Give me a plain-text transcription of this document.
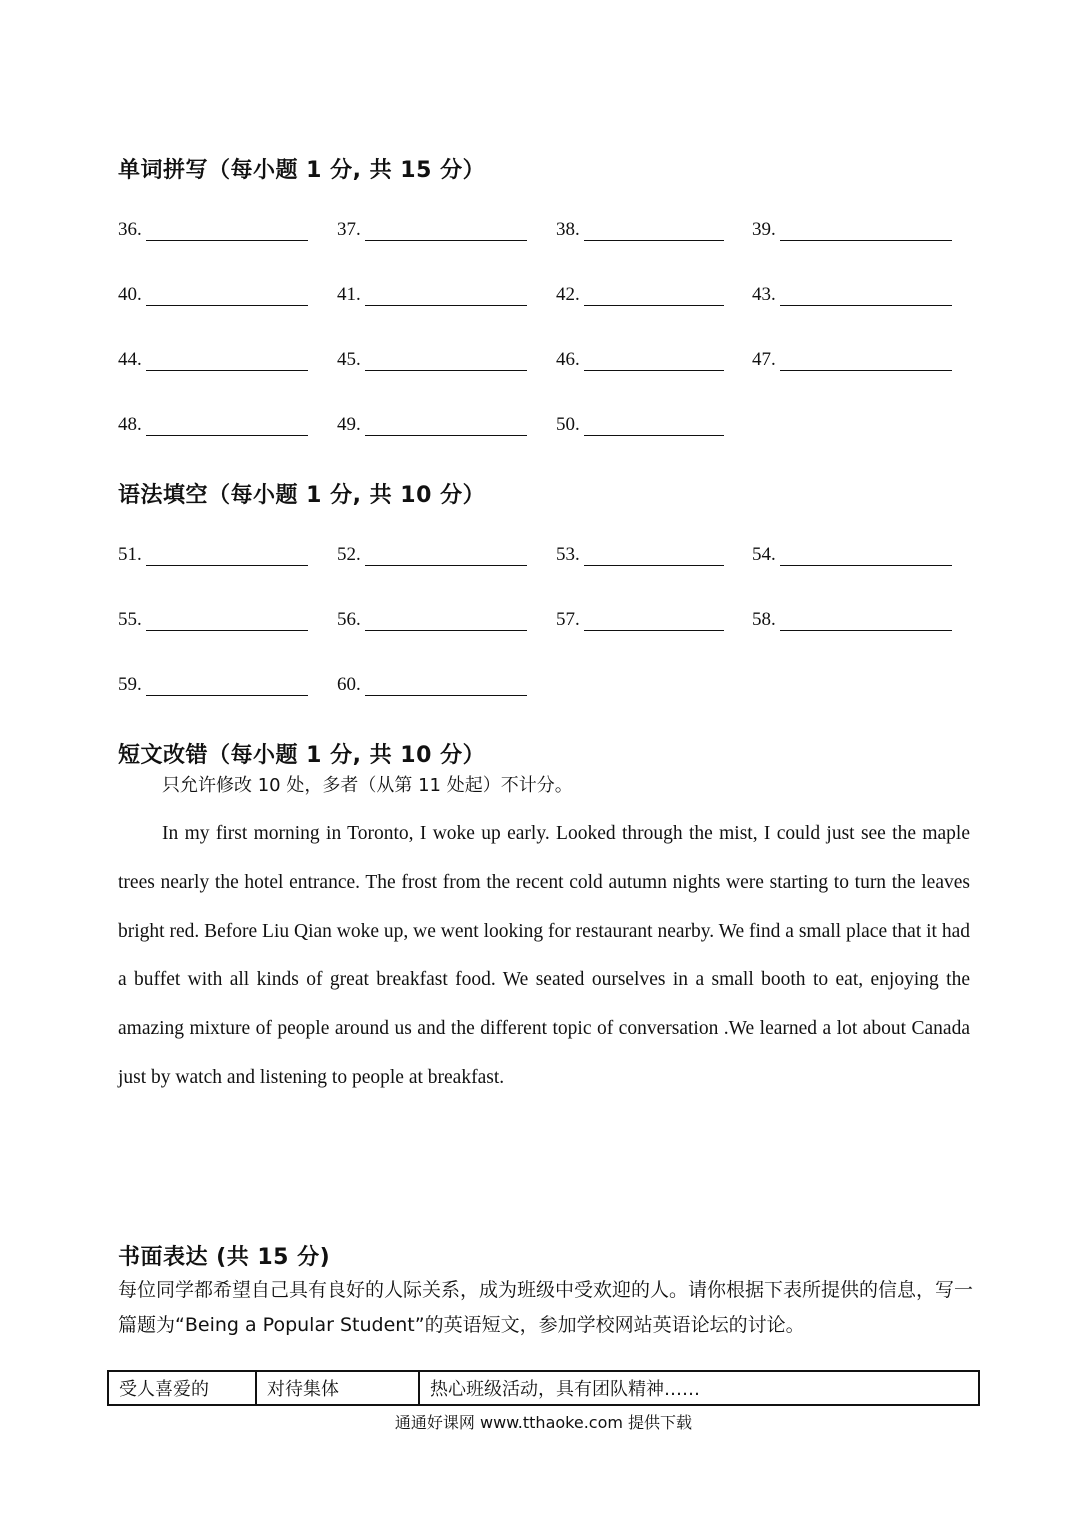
单词拼写（每小题 1 分, 共 15 分）
36.	37.	38.	39.
40.	41.	42.	43.
44.	45.	46.	47.
48.	49.	50.
语法填空（每小题 1 分, 共 10 分）
51.	52.	53.	54.
55.	56.	57.	58.
59.	60.
短文改错（每小题 1 分, 共 10 分）
只允许修改 10 处，多者（从第 11 处起）不计分。

In my first morning in Toronto, I woke up early. Looked through the mist, I could just see the maple trees nearly the hotel entrance. The frost from the recent cold autumn nights were starting to turn the leaves bright red. Before Liu Qian woke up, we went looking for restaurant nearby. We find a small place that it had a buffet with all kinds of great breakfast food. We seated ourselves in a small booth to eat, enjoying the amazing mixture of people around us and the different topic of conversation .We learned a lot about Canada just by watch and listening to people at breakfast.

书面表达 (共 15 分)
每位同学都希望自己具有良好的人际关系，成为班级中受欢迎的人。请你根据下表所提供的信息，写一篇题为“Being a Popular Student”的英语短文，参加学校网站英语论坛的讨论。
受人喜爱的	对待集体	热心班级活动，具有团队精神……
通通好课网 www.tthaoke.com 提供下载
